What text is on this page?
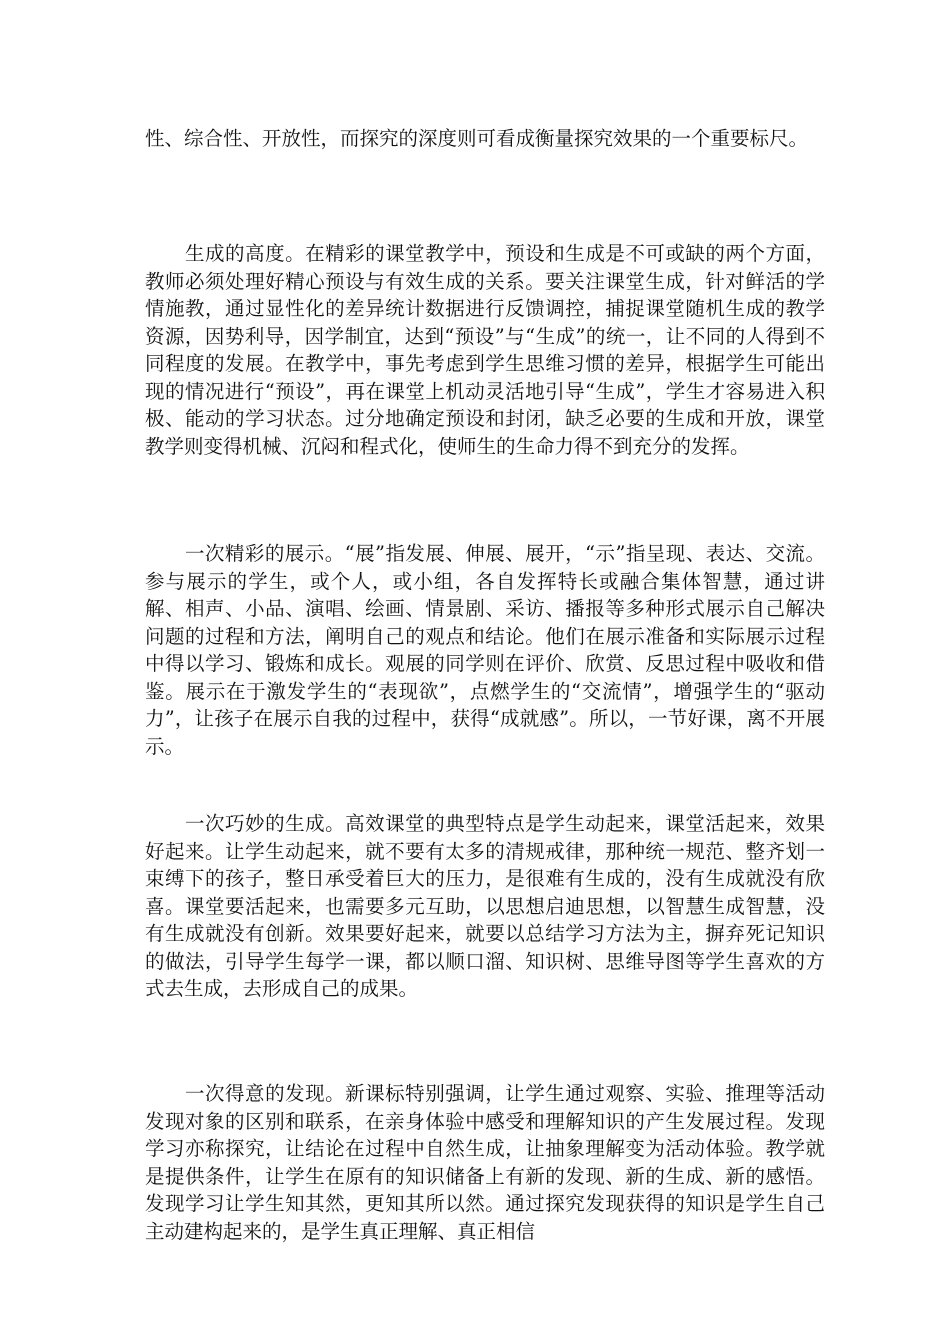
性、综合性、开放性，而探究的深度则可看成衡量探究效果的一个重要标尺。

生成的高度。在精彩的课堂教学中，预设和生成是不可或缺的两个方面，教师必须处理好精心预设与有效生成的关系。要关注课堂生成，针对鲜活的学情施教，通过显性化的差异统计数据进行反馈调控，捕捉课堂随机生成的教学资源，因势利导，因学制宜，达到“预设”与“生成”的统一，让不同的人得到不同程度的发展。在教学中，事先考虑到学生思维习惯的差异，根据学生可能出现的情况进行“预设”，再在课堂上机动灵活地引导“生成”，学生才容易进入积极、能动的学习状态。过分地确定预设和封闭，缺乏必要的生成和开放，课堂教学则变得机械、沉闷和程式化，使师生的生命力得不到充分的发挥。

一次精彩的展示。“展”指发展、伸展、展开，“示”指呈现、表达、交流。参与展示的学生，或个人，或小组，各自发挥特长或融合集体智慧，通过讲解、相声、小品、演唱、绘画、情景剧、采访、播报等多种形式展示自己解决问题的过程和方法，阐明自己的观点和结论。他们在展示准备和实际展示过程中得以学习、锻炼和成长。观展的同学则在评价、欣赏、反思过程中吸收和借鉴。展示在于激发学生的“表现欲”，点燃学生的“交流情”，增强学生的“驱动力”，让孩子在展示自我的过程中，获得“成就感”。所以，一节好课，离不开展示。

一次巧妙的生成。高效课堂的典型特点是学生动起来，课堂活起来，效果好起来。让学生动起来，就不要有太多的清规戒律，那种统一规范、整齐划一束缚下的孩子，整日承受着巨大的压力，是很难有生成的，没有生成就没有欣喜。课堂要活起来，也需要多元互助，以思想启迪思想，以智慧生成智慧，没有生成就没有创新。效果要好起来，就要以总结学习方法为主，摒弃死记知识的做法，引导学生每学一课，都以顺口溜、知识树、思维导图等学生喜欢的方式去生成，去形成自己的成果。

一次得意的发现。新课标特别强调，让学生通过观察、实验、推理等活动发现对象的区别和联系，在亲身体验中感受和理解知识的产生发展过程。发现学习亦称探究，让结论在过程中自然生成，让抽象理解变为活动体验。教学就是提供条件，让学生在原有的知识储备上有新的发现、新的生成、新的感悟。发现学习让学生知其然，更知其所以然。通过探究发现获得的知识是学生自己主动建构起来的，是学生真正理解、真正相信
